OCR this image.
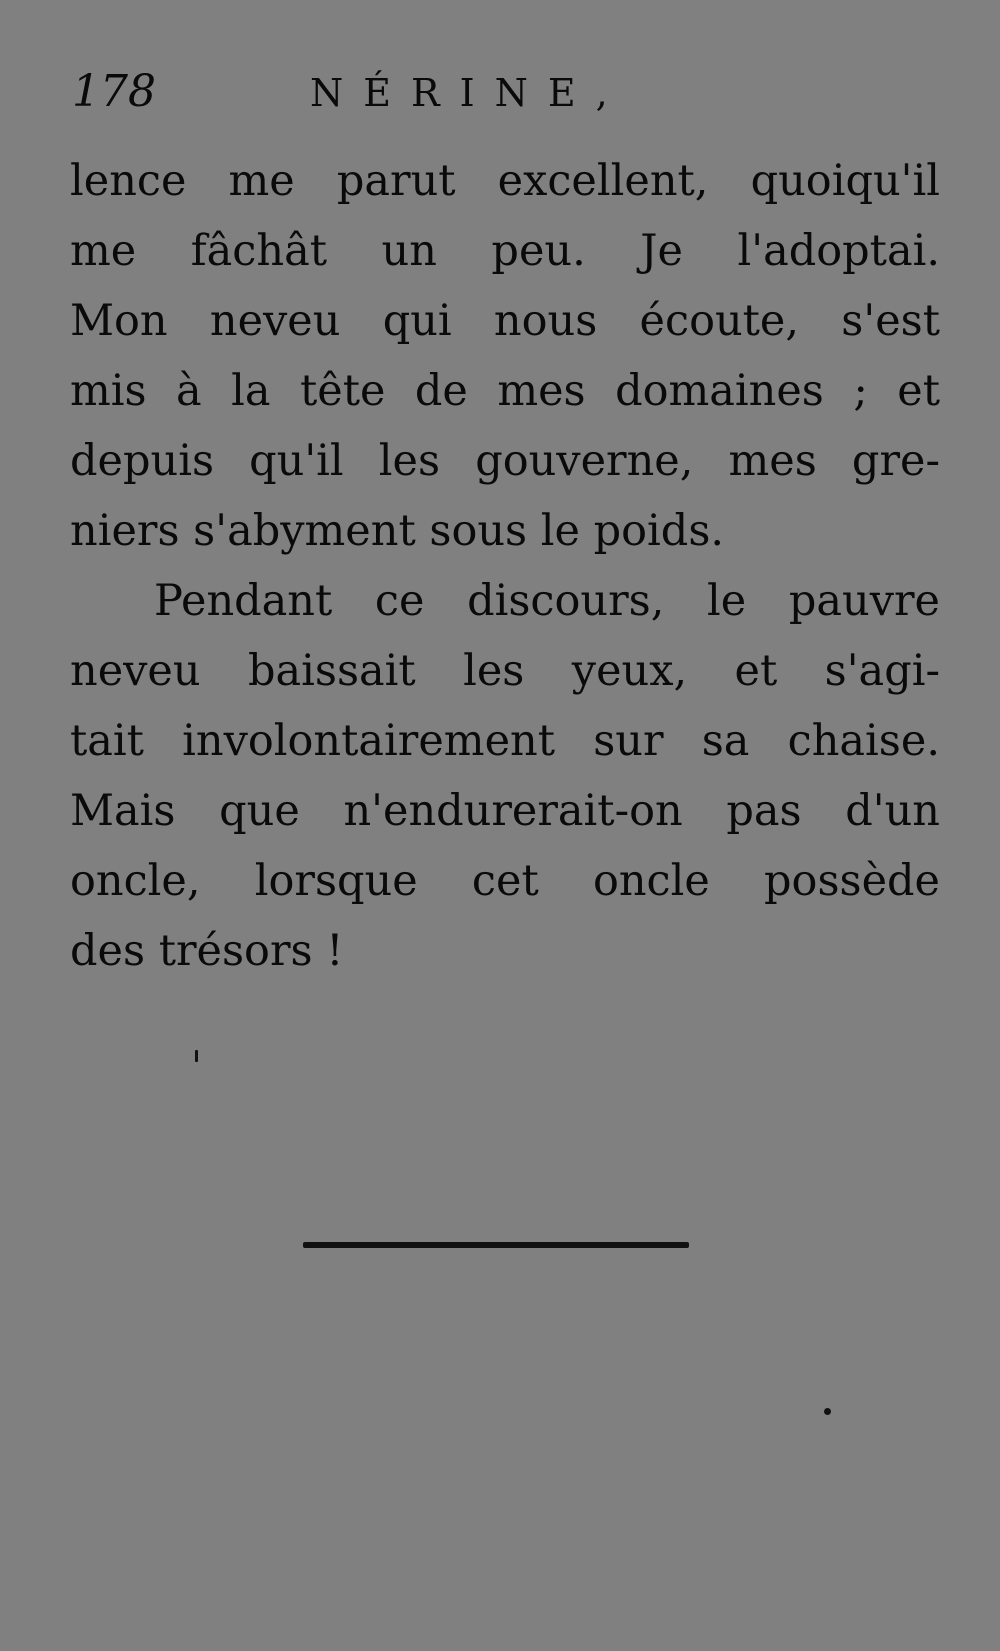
178	NÉRINE,
lence me parut excellent, quoiqu'il
me fâchât un peu. Je l'adoptai.
Mon neveu qui nous écoute, s'est
mis à la tête de mes domaines ; et
depuis qu'il les gouverne, mes gre-
niers s'abyment sous le poids.
Pendant ce discours, le pauvre
neveu baissait les yeux, et s'agi-
tait involontairement sur sa chaise.
Mais que n'endurerait-on pas d'un
oncle, lorsque cet oncle possède
des trésors !
